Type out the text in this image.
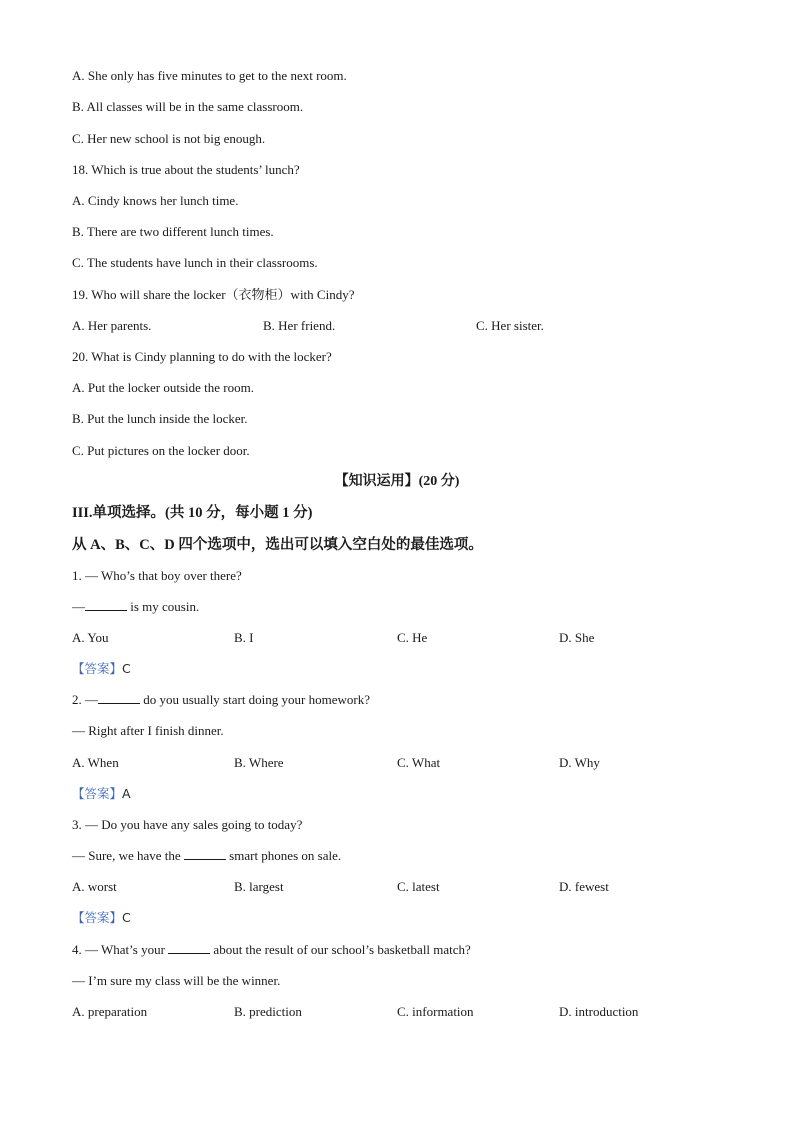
A. She only has five minutes to get to the next room.
B. All classes will be in the same classroom.
C. Her new school is not big enough.
18. Which is true about the students’ lunch?
A. Cindy knows her lunch time.
B. There are two different lunch times.
C. The students have lunch in their classrooms.
19. Who will share the locker（衣物柜）with Cindy?
A. Her parents.	B. Her friend.	C. Her sister.
20. What is Cindy planning to do with the locker?
A. Put the locker outside the room.
B. Put the lunch inside the locker.
C. Put pictures on the locker door.
【知识运用】(20 分)
III.单项选择。(共 10 分，每小题 1 分)
从 A、B、C、D 四个选项中，选出可以填入空白处的最佳选项。
1. — Who’s that boy over there?
—	is my cousin.
A. You	B. I	C. He	D. She
【答案】C
2. —	do you usually start doing your homework?
— Right after I finish dinner.
A. When	B. Where	C. What	D. Why
【答案】A
3. — Do you have any sales going to today?
— Sure, we have the	smart phones on sale.
A. worst	B. largest	C. latest	D. fewest
【答案】C
4. — What’s your	about the result of our school’s basketball match?
— I’m sure my class will be the winner.
A. preparation	B. prediction	C. information	D. introduction
